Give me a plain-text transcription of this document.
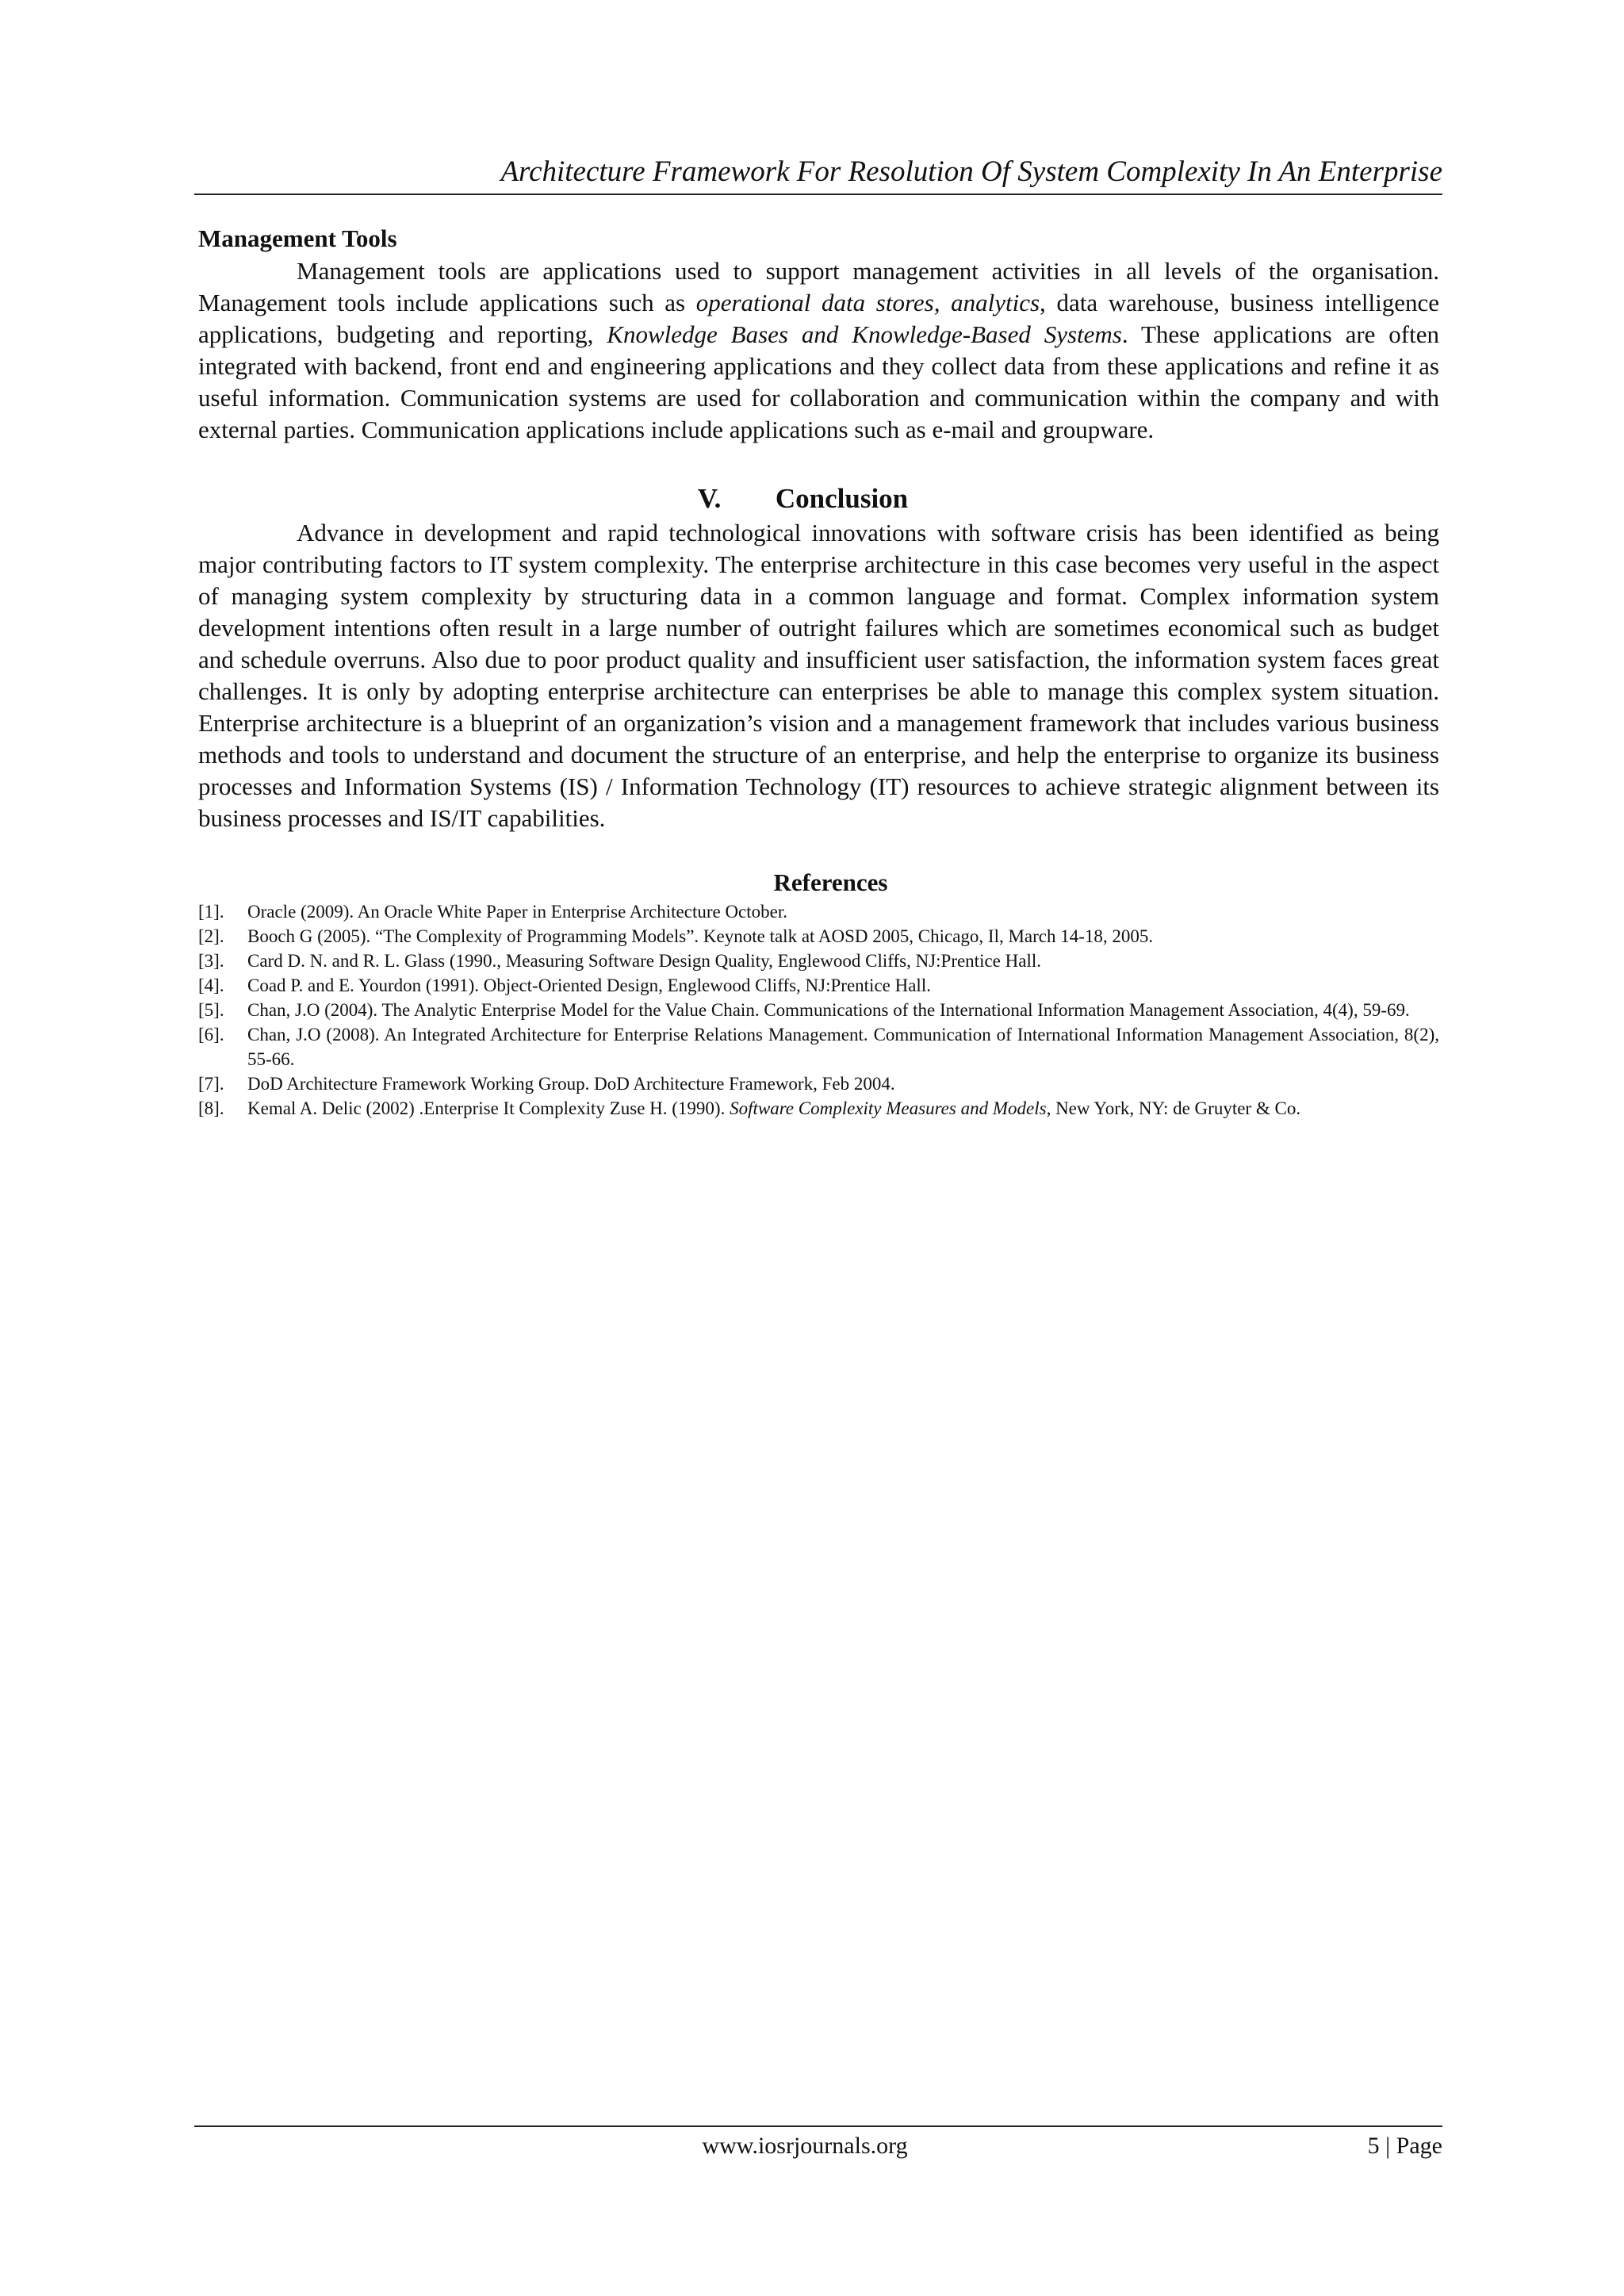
Architecture Framework For Resolution Of System Complexity In An Enterprise
Management Tools

Management tools are applications used to support management activities in all levels of the organisation. Management tools include applications such as operational data stores, analytics, data warehouse, business intelligence applications, budgeting and reporting, Knowledge Bases and Knowledge-Based Systems. These applications are often integrated with backend, front end and engineering applications and they collect data from these applications and refine it as useful information. Communication systems are used for collaboration and communication within the company and with external parties. Communication applications include applications such as e-mail and groupware.

V. Conclusion

Advance in development and rapid technological innovations with software crisis has been identified as being major contributing factors to IT system complexity. The enterprise architecture in this case becomes very useful in the aspect of managing system complexity by structuring data in a common language and format. Complex information system development intentions often result in a large number of outright failures which are sometimes economical such as budget and schedule overruns. Also due to poor product quality and insufficient user satisfaction, the information system faces great challenges. It is only by adopting enterprise architecture can enterprises be able to manage this complex system situation. Enterprise architecture is a blueprint of an organization’s vision and a management framework that includes various business methods and tools to understand and document the structure of an enterprise, and help the enterprise to organize its business processes and Information Systems (IS) / Information Technology (IT) resources to achieve strategic alignment between its business processes and IS/IT capabilities.

References
[1].	Oracle (2009). An Oracle White Paper in Enterprise Architecture October.
[2].	Booch G (2005). “The Complexity of Programming Models”. Keynote talk at AOSD 2005, Chicago, Il, March 14-18, 2005.
[3].	Card D. N. and R. L. Glass (1990., Measuring Software Design Quality, Englewood Cliffs, NJ:Prentice Hall.
[4].	Coad P. and E. Yourdon (1991). Object-Oriented Design, Englewood Cliffs, NJ:Prentice Hall.
[5].	Chan, J.O (2004). The Analytic Enterprise Model for the Value Chain. Communications of the International Information Management Association, 4(4), 59-69.
[6].	Chan, J.O (2008). An Integrated Architecture for Enterprise Relations Management. Communication of International Information Management Association, 8(2), 55-66.
[7].	DoD Architecture Framework Working Group. DoD Architecture Framework, Feb 2004.
[8].	Kemal A. Delic (2002) .Enterprise It Complexity Zuse H. (1990). Software Complexity Measures and Models, New York, NY: de Gruyter & Co.
www.iosrjournals.org	5 | Page
